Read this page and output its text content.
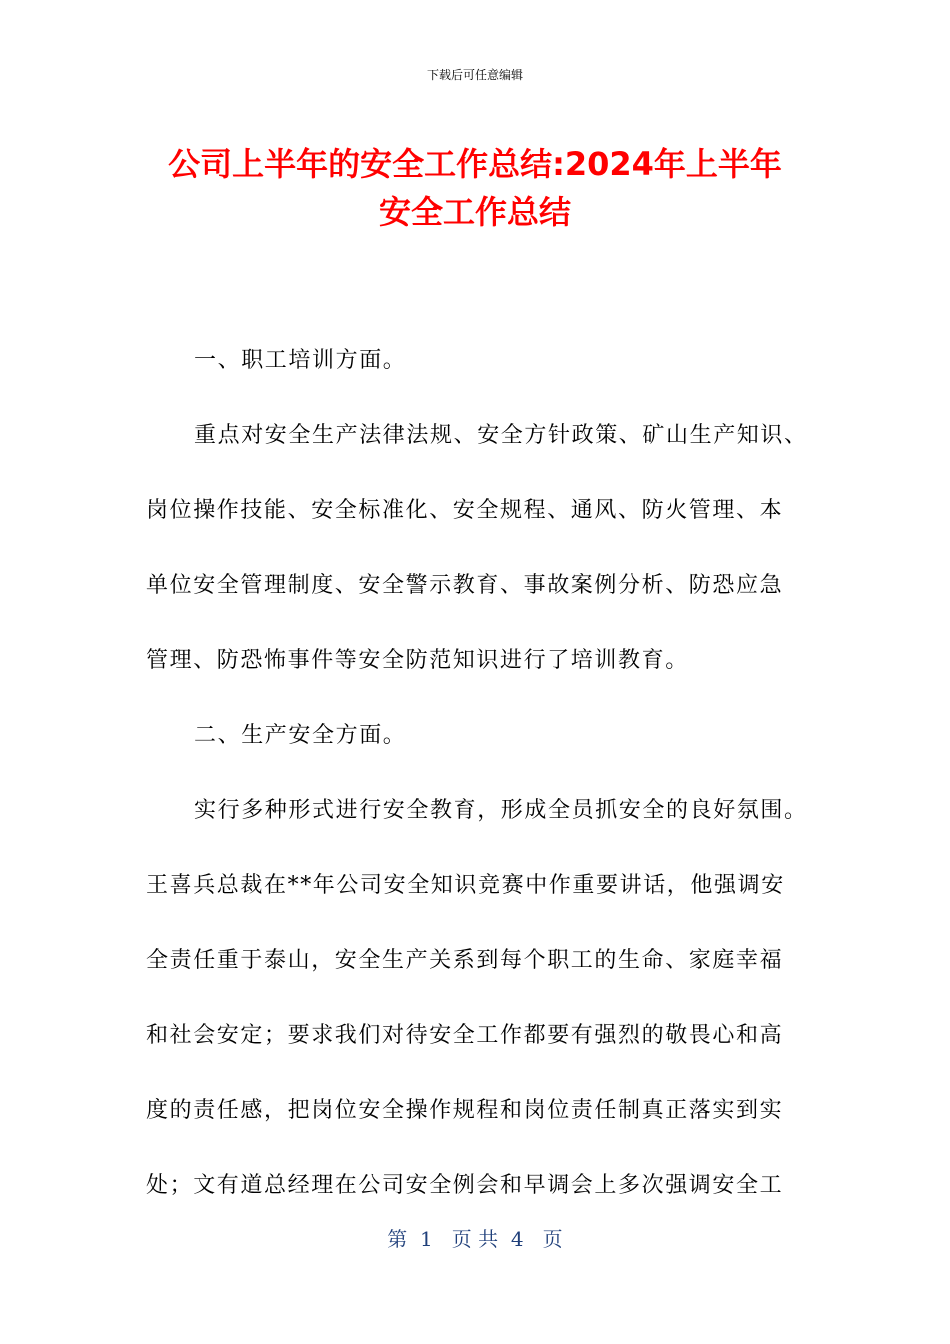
下载后可任意编辑
公司上半年的安全工作总结:2024年上半年
安全工作总结
一、职工培训方面。
重点对安全生产法律法规、安全方针政策、矿山生产知识、
岗位操作技能、安全标准化、安全规程、通风、防火管理、本
单位安全管理制度、安全警示教育、事故案例分析、防恐应急
管理、防恐怖事件等安全防范知识进行了培训教育。
二、生产安全方面。
实行多种形式进行安全教育，形成全员抓安全的良好氛围。
王喜兵总裁在**年公司安全知识竞赛中作重要讲话，他强调安
全责任重于泰山，安全生产关系到每个职工的生命、家庭幸福
和社会安定；要求我们对待安全工作都要有强烈的敬畏心和高
度的责任感，把岗位安全操作规程和岗位责任制真正落实到实
处；文有道总经理在公司安全例会和早调会上多次强调安全工
第  1   页 共  4   页
